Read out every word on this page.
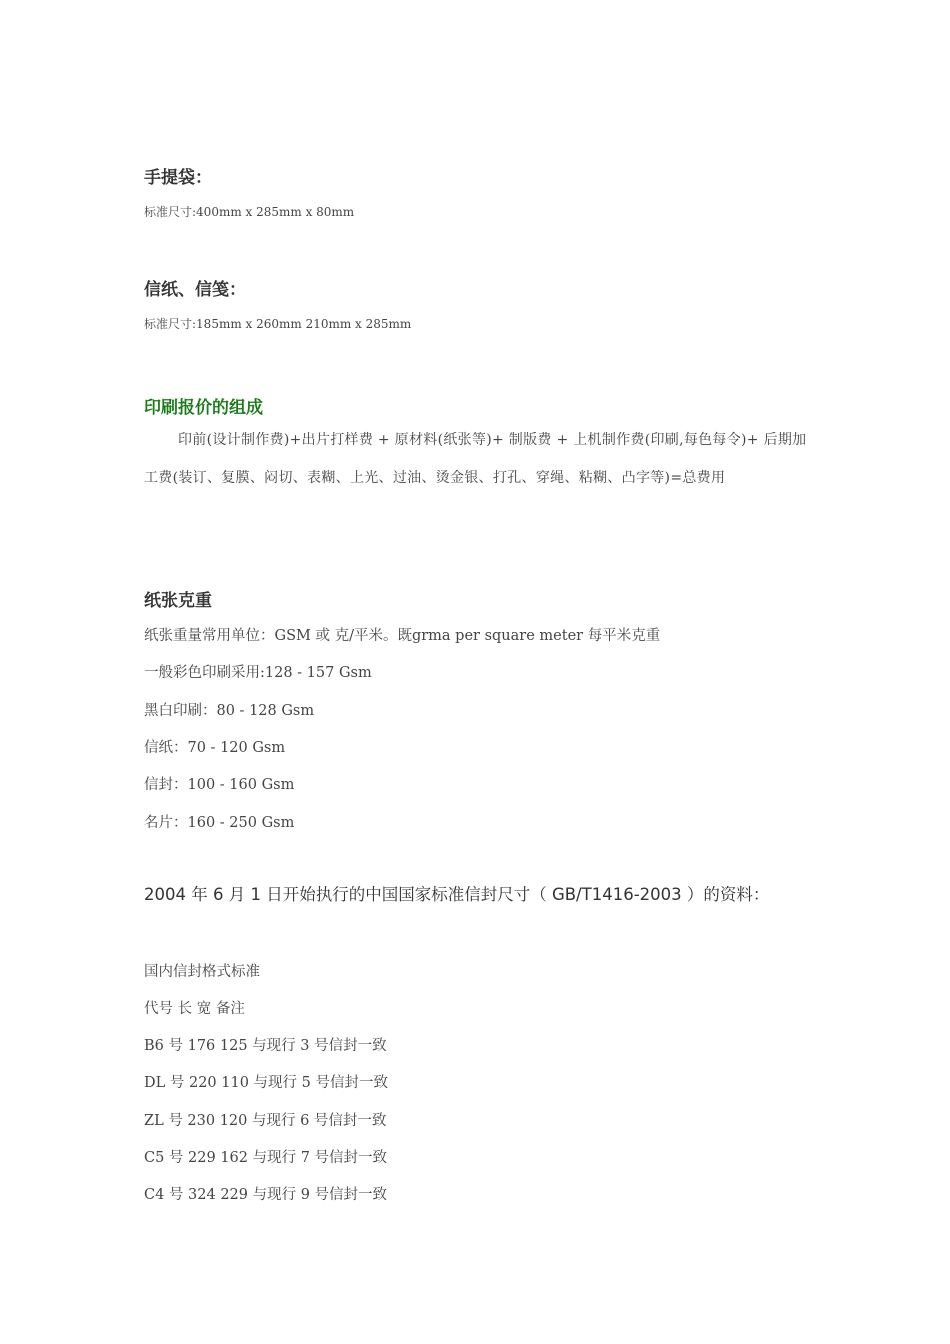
手提袋：
标准尺寸:400mm x 285mm x 80mm
信纸、信笺：
标准尺寸:185mm x 260mm 210mm x 285mm
印刷报价的组成
印前(设计制作费)+出片打样费 + 原材料(纸张等)+ 制版费 + 上机制作费(印刷,每色每令)+ 后期加工费(装订、复膜、闷切、表糊、上光、过油、烫金银、打孔、穿绳、粘糊、凸字等)=总费用
纸张克重
纸张重量常用单位：GSM 或 克/平米。既grma per square meter 每平米克重
一般彩色印刷采用:128 - 157 Gsm
黑白印刷：80 - 128 Gsm
信纸：70 - 120 Gsm
信封：100 - 160 Gsm
名片：160 - 250 Gsm
2004 年 6 月 1 日开始执行的中国国家标准信封尺寸（ GB/T1416-2003 ）的资料：
国内信封格式标准
代号 长 宽 备注
B6 号 176 125 与现行 3 号信封一致
DL 号 220 110 与现行 5 号信封一致
ZL 号 230 120 与现行 6 号信封一致
C5 号 229 162 与现行 7 号信封一致
C4 号 324 229 与现行 9 号信封一致
